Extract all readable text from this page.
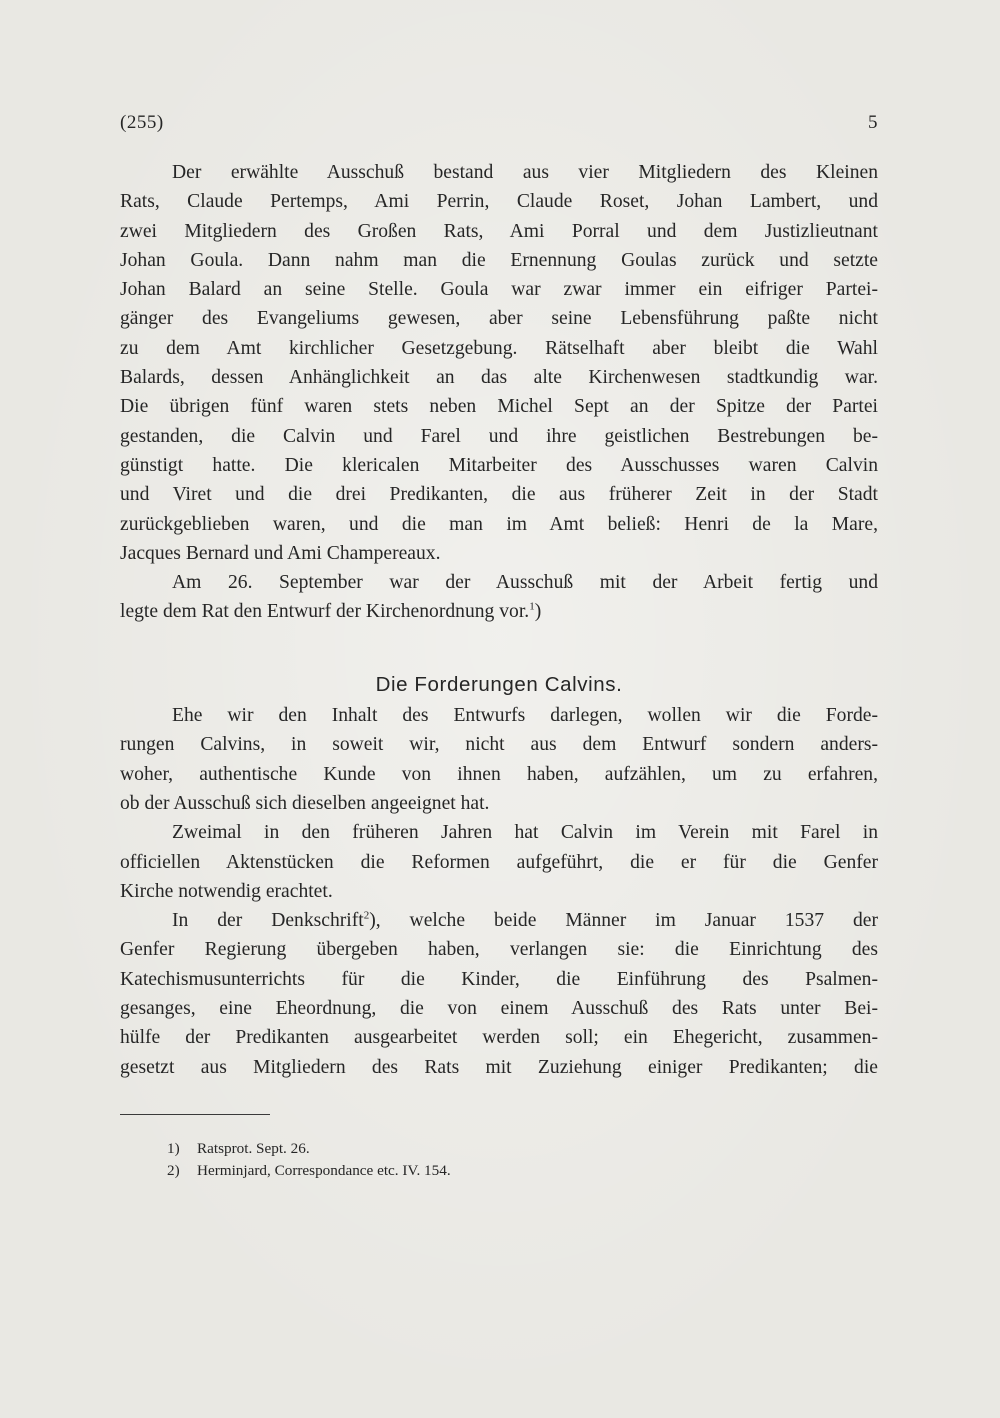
(255)	5
Der erwählte Ausschuß bestand aus vier Mitgliedern des Kleinen
Rats, Claude Pertemps, Ami Perrin, Claude Roset, Johan Lambert, und
zwei Mitgliedern des Großen Rats, Ami Porral und dem Justizlieutnant
Johan Goula. Dann nahm man die Ernennung Goulas zurück und setzte
Johan Balard an seine Stelle. Goula war zwar immer ein eifriger Partei-
gänger des Evangeliums gewesen, aber seine Lebensführung paßte nicht
zu dem Amt kirchlicher Gesetzgebung. Rätselhaft aber bleibt die Wahl
Balards, dessen Anhänglichkeit an das alte Kirchenwesen stadtkundig war.
Die übrigen fünf waren stets neben Michel Sept an der Spitze der Partei
gestanden, die Calvin und Farel und ihre geistlichen Bestrebungen be-
günstigt hatte. Die klericalen Mitarbeiter des Ausschusses waren Calvin
und Viret und die drei Predikanten, die aus früherer Zeit in der Stadt
zurückgeblieben waren, und die man im Amt beließ: Henri de la Mare,
Jacques Bernard und Ami Champereaux.
Am 26. September war der Ausschuß mit der Arbeit fertig und
legte dem Rat den Entwurf der Kirchenordnung vor.$^1$)
Die Forderungen Calvins.
Ehe wir den Inhalt des Entwurfs darlegen, wollen wir die Forde-
rungen Calvins, in soweit wir, nicht aus dem Entwurf sondern anders-
woher, authentische Kunde von ihnen haben, aufzählen, um zu erfahren,
ob der Ausschuß sich dieselben angeeignet hat.
Zweimal in den früheren Jahren hat Calvin im Verein mit Farel in
officiellen Aktenstücken die Reformen aufgeführt, die er für die Genfer
Kirche notwendig erachtet.
In der Denkschrift$^2$), welche beide Männer im Januar 1537 der
Genfer Regierung übergeben haben, verlangen sie: die Einrichtung des
Katechismusunterrichts für die Kinder, die Einführung des Psalmen-
gesanges, eine Eheordnung, die von einem Ausschuß des Rats unter Bei-
hülfe der Predikanten ausgearbeitet werden soll; ein Ehegericht, zusammen-
gesetzt aus Mitgliedern des Rats mit Zuziehung einiger Predikanten; die
1) Ratsprot. Sept. 26.
2) Herminjard, Correspondance etc. IV. 154.
